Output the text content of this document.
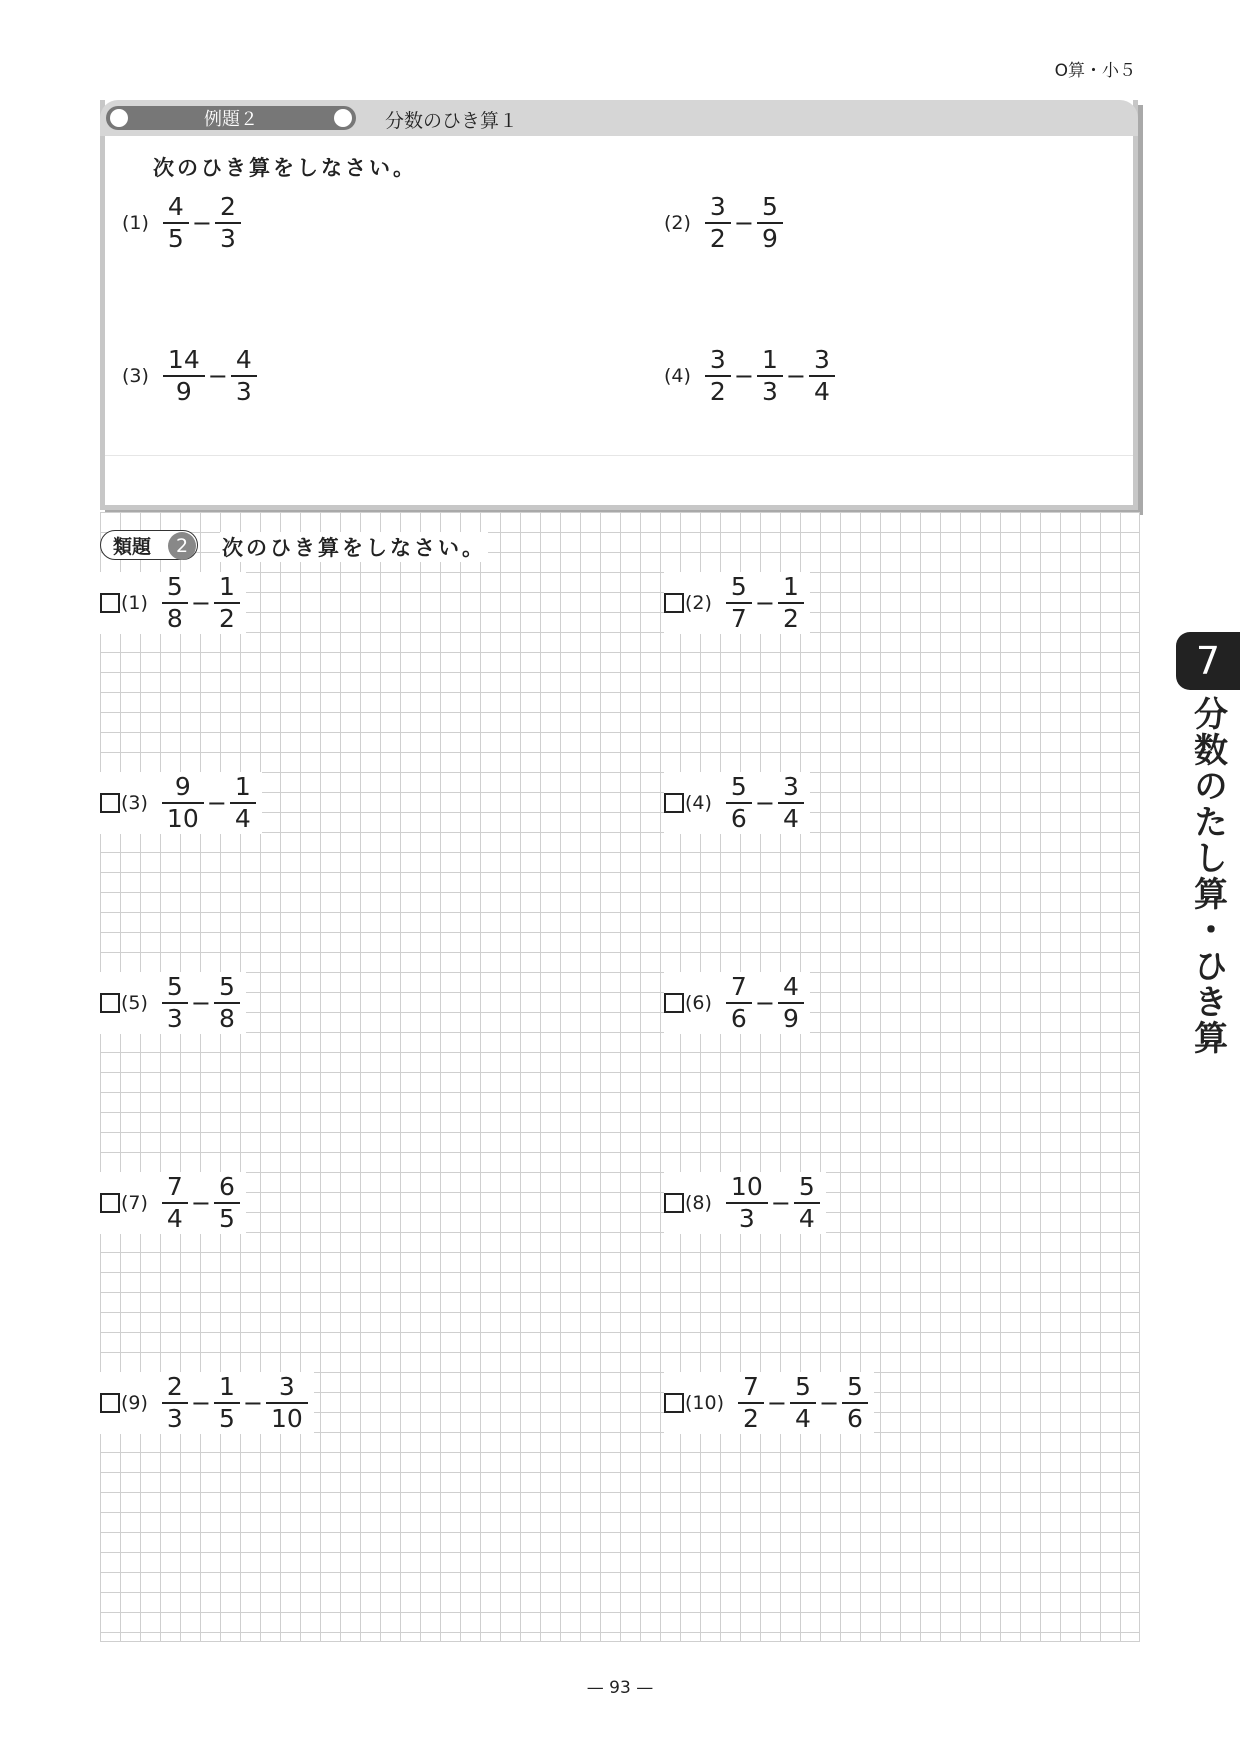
O算・小５
例題２	分数のひき算１
次のひき算をしなさい。
$(1) \frac{4}{5} - \frac{2}{3}$	$(2) \frac{3}{2} - \frac{5}{9}$
$(3) \frac{14}{9} - \frac{4}{3}$	$(4) \frac{3}{2} - \frac{1}{3} - \frac{3}{4}$
類題	2	次のひき算をしなさい。
$(1) \frac{5}{8} - \frac{1}{2}$	$(2) \frac{5}{7} - \frac{1}{2}$
$(3) \frac{9}{10} - \frac{1}{4}$	$(4) \frac{5}{6} - \frac{3}{4}$
$(5) \frac{5}{3} - \frac{5}{8}$	$(6) \frac{7}{6} - \frac{4}{9}$
$(7) \frac{7}{4} - \frac{6}{5}$	$(8) \frac{10}{3} - \frac{5}{4}$
$(9) \frac{2}{3} - \frac{1}{5} - \frac{3}{10}$	$(10) \frac{7}{2} - \frac{5}{4} - \frac{5}{6}$
7
分数のたし算・ひき算
— 93 —
